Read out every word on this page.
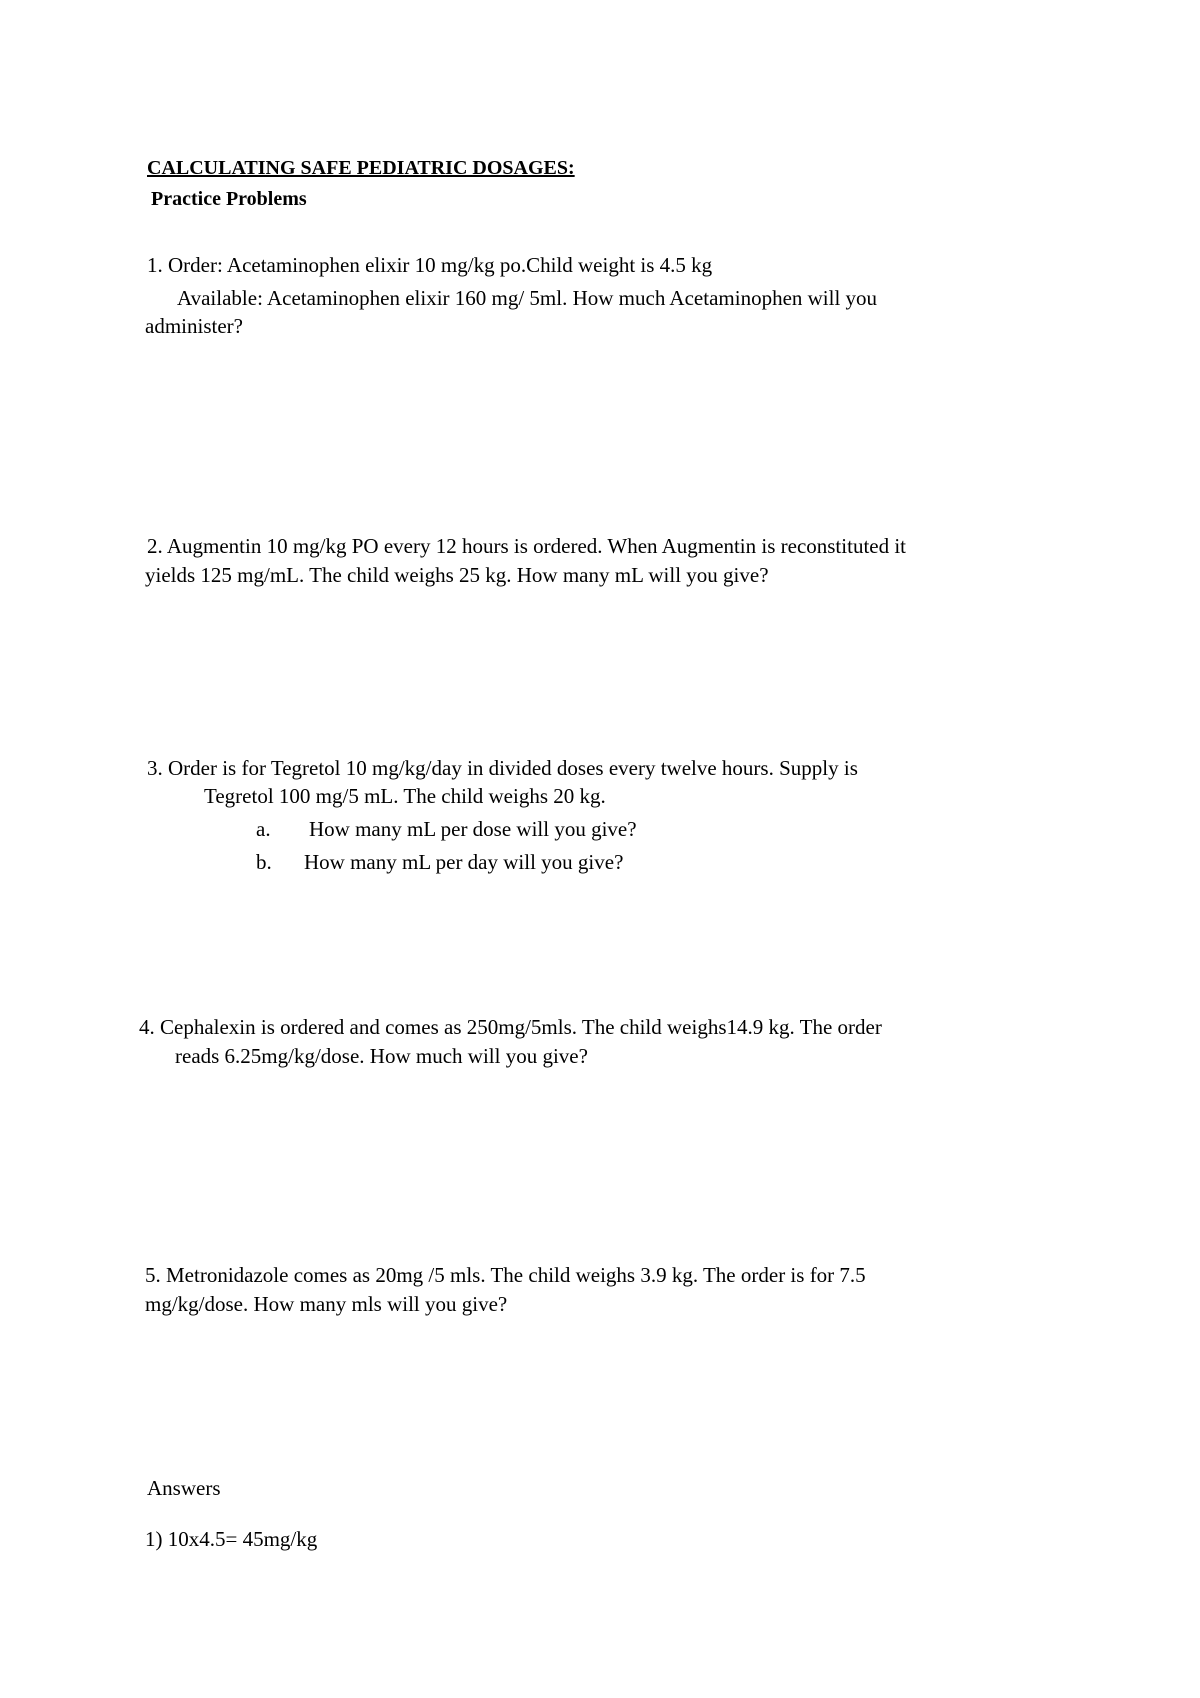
CALCULATING SAFE PEDIATRIC DOSAGES:
Practice Problems
1. Order: Acetaminophen elixir 10 mg/kg po.Child weight is 4.5 kg
Available: Acetaminophen elixir 160 mg/ 5ml. How much Acetaminophen will you
administer?
2. Augmentin 10 mg/kg PO every 12 hours is ordered. When Augmentin is reconstituted it
yields 125 mg/mL. The child weighs 25 kg. How many mL will you give?
3. Order is for Tegretol 10 mg/kg/day in divided doses every twelve hours. Supply is
Tegretol 100 mg/5 mL. The child weighs 20 kg.
a. How many mL per dose will you give?
b. How many mL per day will you give?
4. Cephalexin is ordered and comes as 250mg/5mls. The child weighs14.9 kg. The order
reads 6.25mg/kg/dose. How much will you give?
5. Metronidazole comes as 20mg /5 mls. The child weighs 3.9 kg. The order is for 7.5
mg/kg/dose. How many mls will you give?
Answers
1) 10x4.5= 45mg/kg
